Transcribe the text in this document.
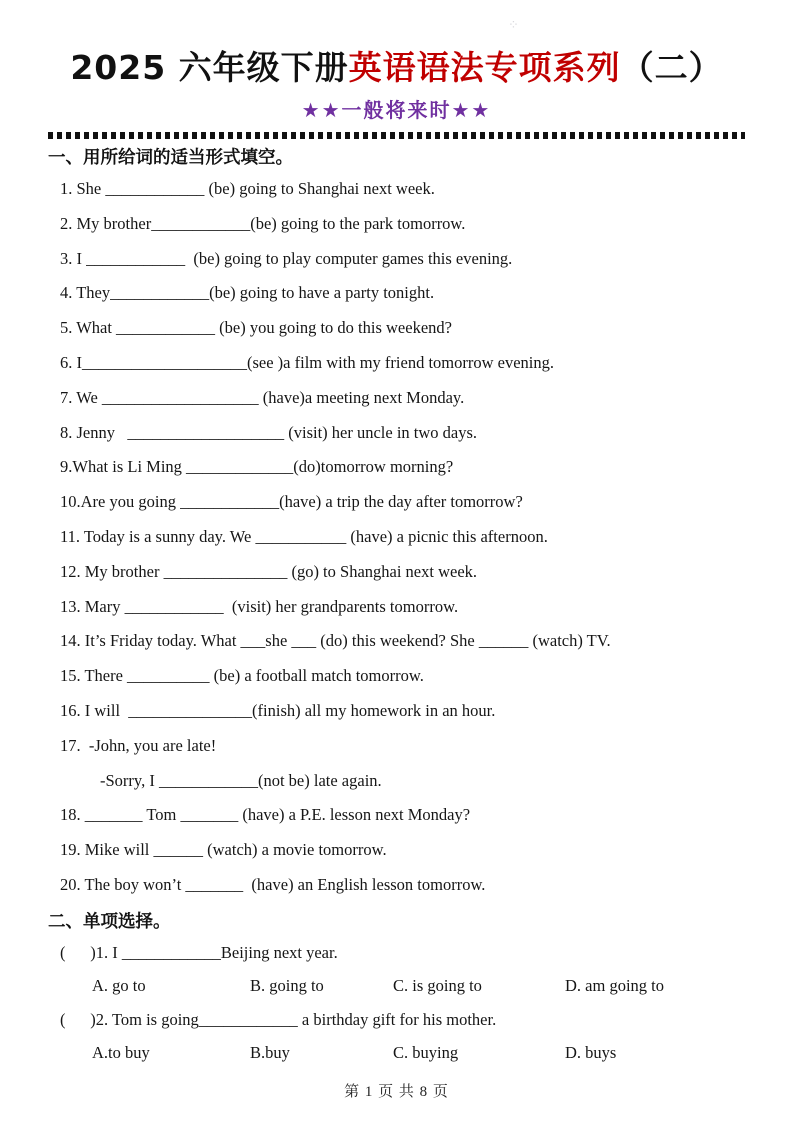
⁘
2025 六年级下册英语语法专项系列（二）
★★一般将来时★★
一、用所给词的适当形式填空。
1. She ____________ (be) going to Shanghai next week.
2. My brother____________(be) going to the park tomorrow.
3. I ____________  (be) going to play computer games this evening.
4. They____________(be) going to have a party tonight.
5. What ____________ (be) you going to do this weekend?
6. I____________________(see )a film with my friend tomorrow evening.
7. We ___________________ (have)a meeting next Monday.
8. Jenny   ___________________ (visit) her uncle in two days.
9.What is Li Ming _____________(do)tomorrow morning?
10.Are you going ____________(have) a trip the day after tomorrow?
11. Today is a sunny day. We ___________ (have) a picnic this afternoon.
12. My brother _______________ (go) to Shanghai next week.
13. Mary ____________  (visit) her grandparents tomorrow.
14. It’s Friday today. What ___she ___ (do) this weekend? She ______ (watch) TV.
15. There __________ (be) a football match tomorrow.
16. I will  _______________(finish) all my homework in an hour.
17.  -John, you are late!
-Sorry, I ____________(not be) late again.
18. _______ Tom _______ (have) a P.E. lesson next Monday?
19. Mike will ______ (watch) a movie tomorrow.
20. The boy won’t _______  (have) an English lesson tomorrow.
二、单项选择。
(      )1. I ____________Beijing next year.
A. go to	B. going to	C. is going to	D. am going to
(      )2. Tom is going____________ a birthday gift for his mother.
A.to buy	B.buy	C. buying	D. buys
第 1 页 共 8 页
